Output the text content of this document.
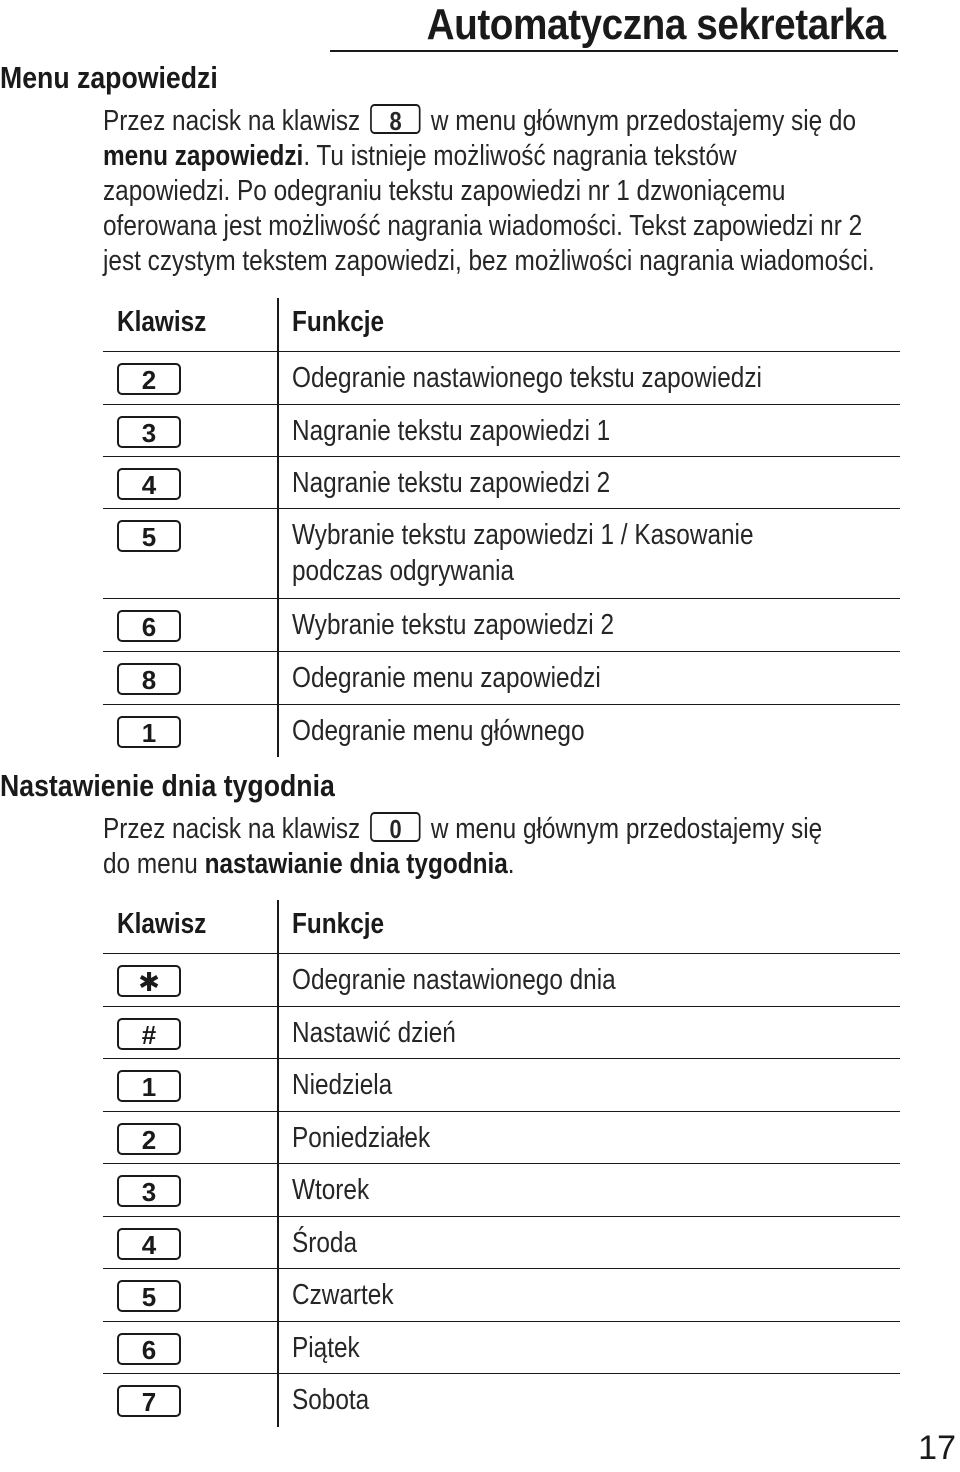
Automatyczna sekretarka
Menu zapowiedzi
Przez nacisk na klawisz 8 w menu głównym przedostajemy się do
menu zapowiedzi. Tu istnieje możliwość nagrania tekstów
zapowiedzi. Po odegraniu tekstu zapowiedzi nr 1 dzwoniącemu
oferowana jest możliwość nagrania wiadomości. Tekst zapowiedzi nr 2
jest czystym tekstem zapowiedzi, bez możliwości nagrania wiadomości.
Klawisz	Funkcje
2	Odegranie nastawionego tekstu zapowiedzi
3	Nagranie tekstu zapowiedzi 1
4	Nagranie tekstu zapowiedzi 2
5	Wybranie tekstu zapowiedzi 1 / Kasowanie
podczas odgrywania
6	Wybranie tekstu zapowiedzi 2
8	Odegranie menu zapowiedzi
1	Odegranie menu głównego
Nastawienie dnia tygodnia
Przez nacisk na klawisz 0 w menu głównym przedostajemy się
do menu nastawianie dnia tygodnia.
Klawisz	Funkcje
✱	Odegranie nastawionego dnia
#	Nastawić dzień
1	Niedziela
2	Poniedziałek
3	Wtorek
4	Środa
5	Czwartek
6	Piątek
7	Sobota
17
